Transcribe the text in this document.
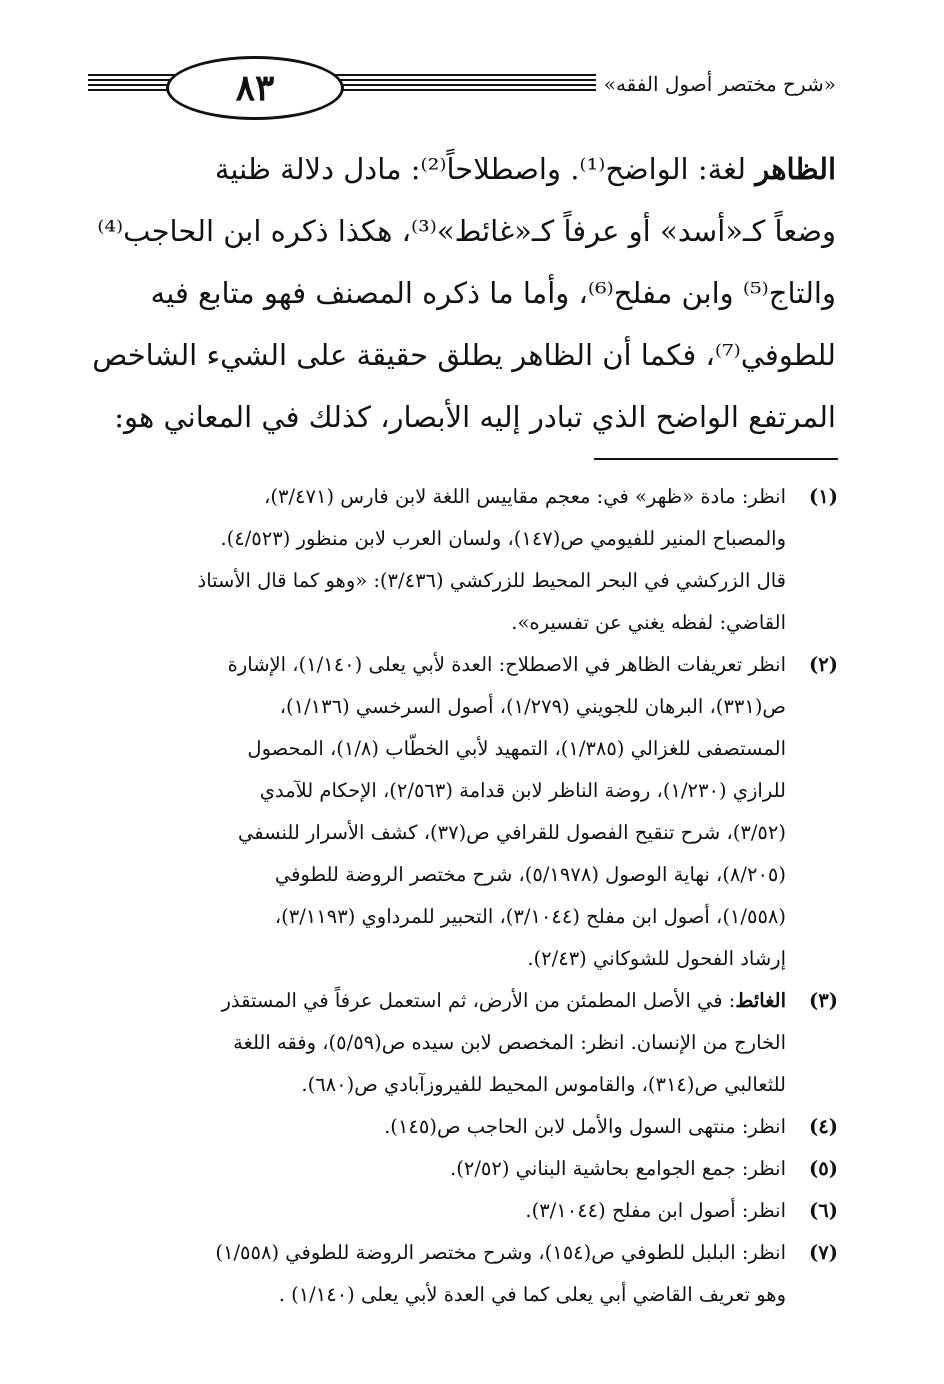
٨٣	«شرح مختصر أصول الفقه»
الظاهر لغة: الواضح⁽¹⁾. واصطلاحاً⁽²⁾: مادل دلالة ظنية
وضعاً كـ«أسد» أو عرفاً كـ«غائط»⁽³⁾، هكذا ذكره ابن الحاجب⁽⁴⁾
والتاج⁽⁵⁾ وابن مفلح⁽⁶⁾، وأما ما ذكره المصنف فهو متابع فيه
للطوفي⁽⁷⁾، فكما أن الظاهر يطلق حقيقة على الشيء الشاخص
المرتفع الواضح الذي تبادر إليه الأبصار، كذلك في المعاني هو:
(١)
انظر: مادة «ظهر» في: معجم مقاييس اللغة لابن فارس (٣/٤٧١)،
والمصباح المنير للفيومي ص(١٤٧)، ولسان العرب لابن منظور (٤/٥٢٣).
قال الزركشي في البحر المحيط للزركشي (٣/٤٣٦): «وهو كما قال الأستاذ
القاضي: لفظه يغني عن تفسيره».
(٢)
انظر تعريفات الظاهر في الاصطلاح: العدة لأبي يعلى (١/١٤٠)، الإشارة
ص(٣٣١)، البرهان للجويني (١/٢٧٩)، أصول السرخسي (١/١٣٦)،
المستصفى للغزالي (١/٣٨٥)، التمهيد لأبي الخطّاب (١/٨)، المحصول
للرازي (١/٢٣٠)، روضة الناظر لابن قدامة (٢/٥٦٣)، الإحكام للآمدي
(٣/٥٢)، شرح تنقيح الفصول للقرافي ص(٣٧)، كشف الأسرار للنسفي
(٨/٢٠٥)، نهاية الوصول (٥/١٩٧٨)، شرح مختصر الروضة للطوفي
(١/٥٥٨)، أصول ابن مفلح (٣/١٠٤٤)، التحبير للمرداوي (٣/١١٩٣)،
إرشاد الفحول للشوكاني (٢/٤٣).
(٣)
الغائط: في الأصل المطمئن من الأرض، ثم استعمل عرفاً في المستقذر
الخارج من الإنسان. انظر: المخصص لابن سيده ص(٥/٥٩)، وفقه اللغة
للثعالبي ص(٣١٤)، والقاموس المحيط للفيروزآبادي ص(٦٨٠).
(٤)
انظر: منتهى السول والأمل لابن الحاجب ص(١٤٥).
(٥)
انظر: جمع الجوامع بحاشية البناني (٢/٥٢).
(٦)
انظر: أصول ابن مفلح (٣/١٠٤٤).
(٧)
انظر: البلبل للطوفي ص(١٥٤)، وشرح مختصر الروضة للطوفي (١/٥٥٨)
وهو تعريف القاضي أبي يعلى كما في العدة لأبي يعلى (١/١٤٠) .
